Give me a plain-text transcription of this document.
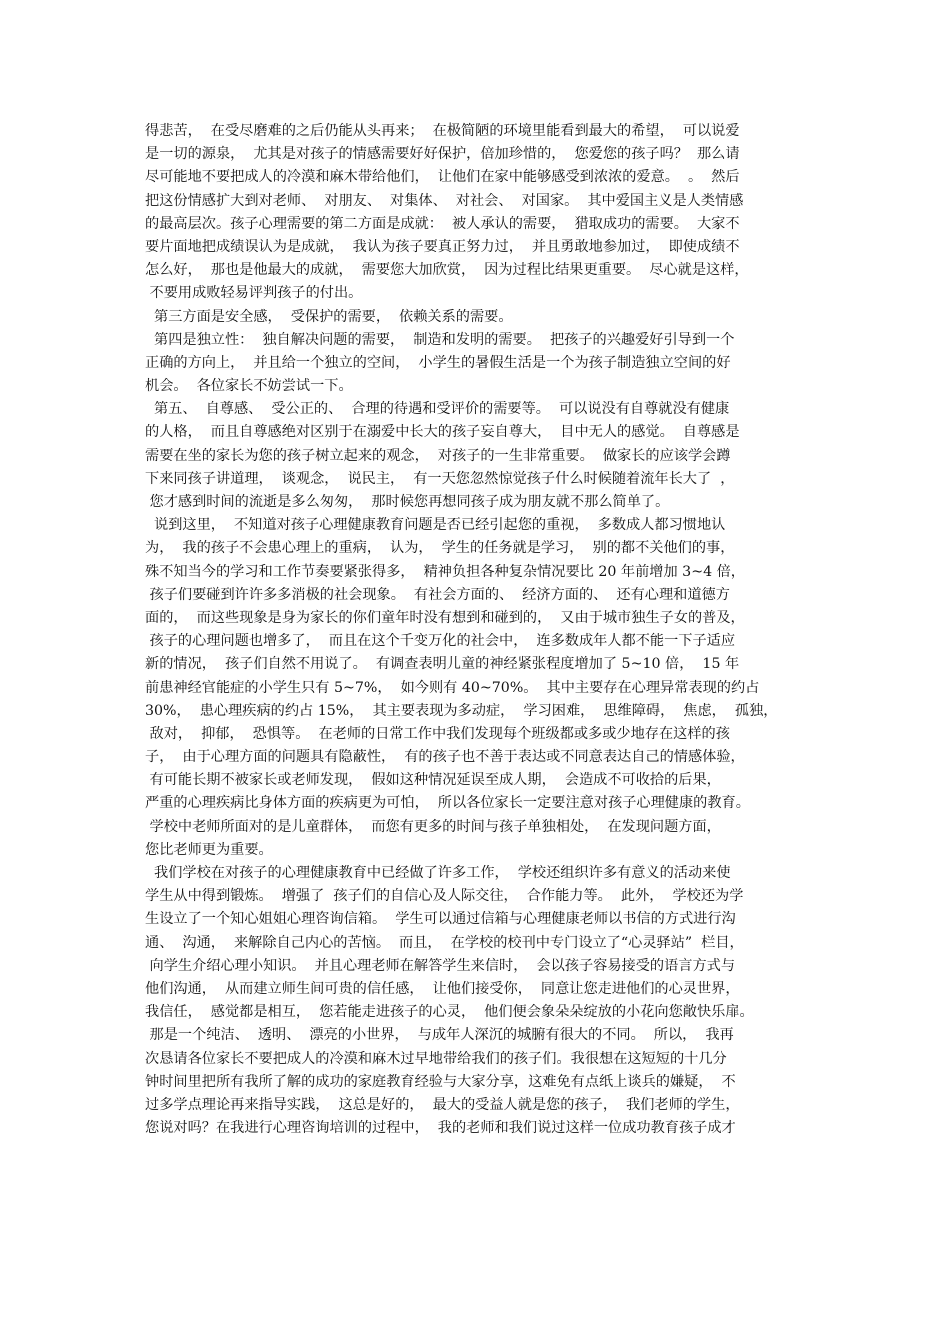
得悲苦，  在受尽磨难的之后仍能从头再来；  在极简陋的环境里能看到最大的希望，  可以说爱
是一切的源泉，  尤其是对孩子的情感需要好好保护，倍加珍惜的，  您爱您的孩子吗？  那么请
尽可能地不要把成人的冷漠和麻木带给他们，  让他们在家中能够感受到浓浓的爱意。  。  然后
把这份情感扩大到对老师、  对朋友、  对集体、  对社会、  对国家。  其中爱国主义是人类情感
的最高层次。孩子心理需要的第二方面是成就：  被人承认的需要，  猎取成功的需要。  大家不
要片面地把成绩误认为是成就，  我认为孩子要真正努力过，  并且勇敢地参加过，  即使成绩不
怎么好，  那也是他最大的成就，  需要您大加欣赏，  因为过程比结果更重要。  尽心就是这样，
不要用成败轻易评判孩子的付出。
第三方面是安全感，  受保护的需要，  依赖关系的需要。
第四是独立性：  独自解决问题的需要，  制造和发明的需要。  把孩子的兴趣爱好引导到一个
正确的方向上，  并且给一个独立的空间，  小学生的暑假生活是一个为孩子制造独立空间的好
机会。  各位家长不妨尝试一下。
第五、  自尊感、  受公正的、  合理的待遇和受评价的需要等。  可以说没有自尊就没有健康
的人格，  而且自尊感绝对区别于在溺爱中长大的孩子妄自尊大，  目中无人的感觉。  自尊感是
需要在坐的家长为您的孩子树立起来的观念，  对孩子的一生非常重要。  做家长的应该学会蹲
下来同孩子讲道理，  谈观念，  说民主，  有一天您忽然惊觉孩子什么时候随着流年长大了  ，
您才感到时间的流逝是多么匆匆，  那时候您再想同孩子成为朋友就不那么简单了。
说到这里，  不知道对孩子心理健康教育问题是否已经引起您的重视，  多数成人都习惯地认
为，  我的孩子不会患心理上的重病，  认为，  学生的任务就是学习，  别的都不关他们的事，
殊不知当今的学习和工作节奏要紧张得多，  精神负担各种复杂情况要比 20 年前增加 3~4 倍，
孩子们要碰到许许多多消极的社会现象。  有社会方面的、  经济方面的、  还有心理和道德方
面的，  而这些现象是身为家长的你们童年时没有想到和碰到的，  又由于城市独生子女的普及，
孩子的心理问题也增多了，  而且在这个千变万化的社会中，  连多数成年人都不能一下子适应
新的情况，  孩子们自然不用说了。  有调查表明儿童的神经紧张程度增加了 5~10 倍，  15 年
前患神经官能症的小学生只有 5~7%，  如今则有 40~70%。  其中主要存在心理异常表现的约占
30%，  患心理疾病的约占 15%，  其主要表现为多动症，  学习困难，  思维障碍，  焦虑，  孤独，
敌对，  抑郁，  恐惧等。  在老师的日常工作中我们发现每个班级都或多或少地存在这样的孩
子，  由于心理方面的问题具有隐蔽性，  有的孩子也不善于表达或不同意表达自己的情感体验，
有可能长期不被家长或老师发现，  假如这种情况延误至成人期，  会造成不可收拾的后果，
严重的心理疾病比身体方面的疾病更为可怕，  所以各位家长一定要注意对孩子心理健康的教育。
学校中老师所面对的是儿童群体，  而您有更多的时间与孩子单独相处，  在发现问题方面，
您比老师更为重要。
我们学校在对孩子的心理健康教育中已经做了许多工作，  学校还组织许多有意义的活动来使
学生从中得到锻炼。  增强了  孩子们的自信心及人际交往，  合作能力等。  此外，  学校还为学
生设立了一个知心姐姐心理咨询信箱。  学生可以通过信箱与心理健康老师以书信的方式进行沟
通、  沟通，  来解除自己内心的苦恼。  而且，  在学校的校刊中专门设立了“心灵驿站”  栏目，
向学生介绍心理小知识。  并且心理老师在解答学生来信时，  会以孩子容易接受的语言方式与
他们沟通，  从而建立师生间可贵的信任感，  让他们接受你，  同意让您走进他们的心灵世界，
我信任，  感觉都是相互，  您若能走进孩子的心灵，  他们便会象朵朵绽放的小花向您敞快乐扉。
那是一个纯洁、  透明、  漂亮的小世界，  与成年人深沉的城腑有很大的不同。  所以，  我再
次恳请各位家长不要把成人的冷漠和麻木过早地带给我们的孩子们。我很想在这短短的十几分
钟时间里把所有我所了解的成功的家庭教育经验与大家分享，这难免有点纸上谈兵的嫌疑，  不
过多学点理论再来指导实践，  这总是好的，  最大的受益人就是您的孩子，  我们老师的学生，
您说对吗？在我进行心理咨询培训的过程中，  我的老师和我们说过这样一位成功教育孩子成才
